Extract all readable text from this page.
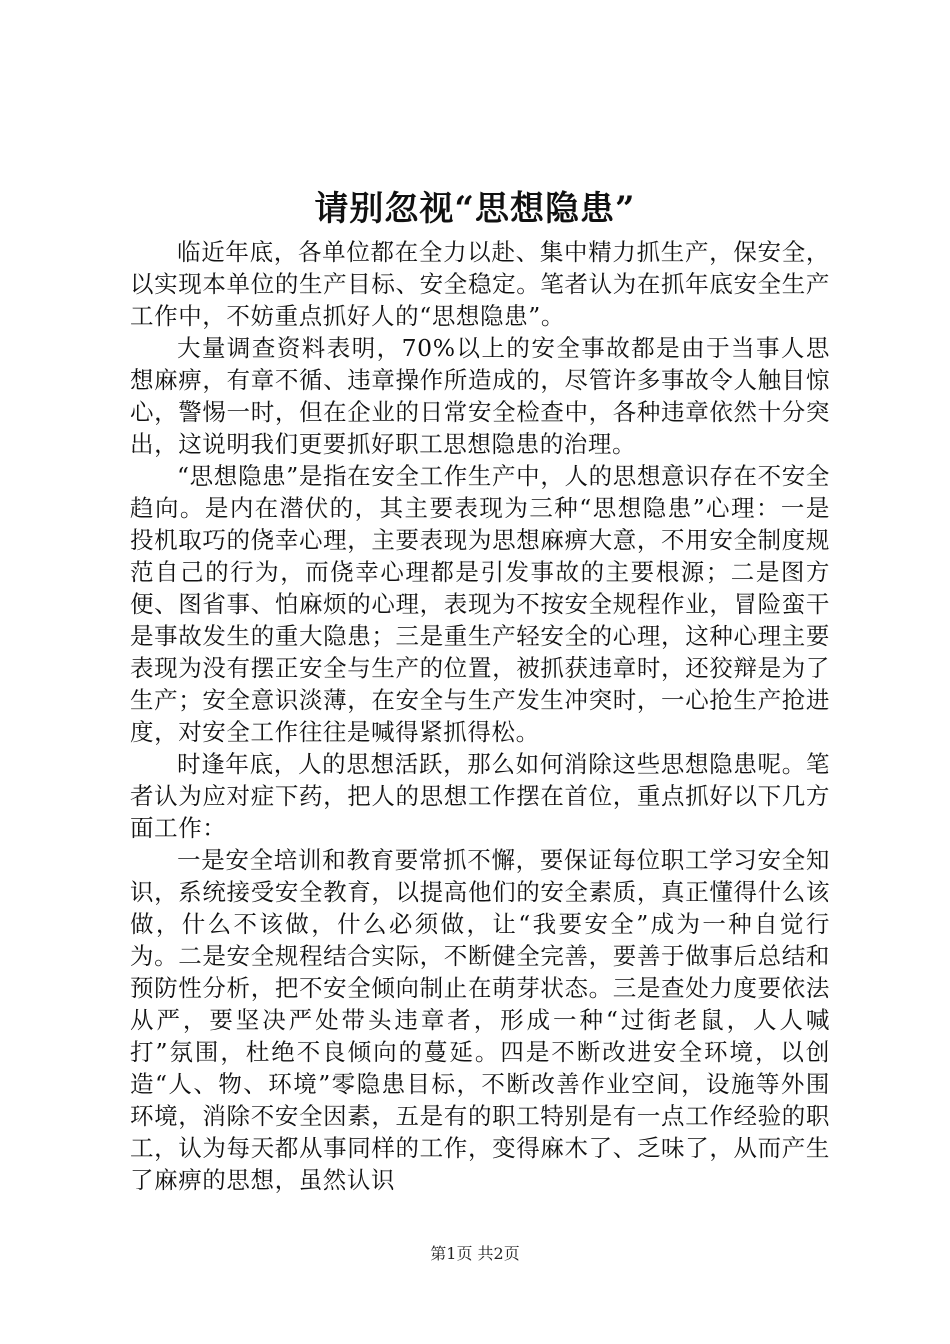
请别忽视“思想隐患”

临近年底，各单位都在全力以赴、集中精力抓生产，保安全，以实现本单位的生产目标、安全稳定。笔者认为在抓年底安全生产工作中，不妨重点抓好人的“思想隐患”。

大量调查资料表明，70%以上的安全事故都是由于当事人思想麻痹，有章不循、违章操作所造成的，尽管许多事故令人触目惊心，警惕一时，但在企业的日常安全检查中，各种违章依然十分突出，这说明我们更要抓好职工思想隐患的治理。

“思想隐患”是指在安全工作生产中，人的思想意识存在不安全趋向。是内在潜伏的，其主要表现为三种“思想隐患”心理：一是投机取巧的侥幸心理，主要表现为思想麻痹大意，不用安全制度规范自己的行为，而侥幸心理都是引发事故的主要根源；二是图方便、图省事、怕麻烦的心理，表现为不按安全规程作业，冒险蛮干是事故发生的重大隐患；三是重生产轻安全的心理，这种心理主要表现为没有摆正安全与生产的位置，被抓获违章时，还狡辩是为了生产；安全意识淡薄，在安全与生产发生冲突时，一心抢生产抢进度，对安全工作往往是喊得紧抓得松。

时逢年底，人的思想活跃，那么如何消除这些思想隐患呢。笔者认为应对症下药，把人的思想工作摆在首位，重点抓好以下几方面工作：

一是安全培训和教育要常抓不懈，要保证每位职工学习安全知识，系统接受安全教育，以提高他们的安全素质，真正懂得什么该做，什么不该做，什么必须做，让“我要安全”成为一种自觉行为。二是安全规程结合实际，不断健全完善，要善于做事后总结和预防性分析，把不安全倾向制止在萌芽状态。三是查处力度要依法从严，要坚决严处带头违章者，形成一种“过街老鼠，人人喊打”氛围，杜绝不良倾向的蔓延。四是不断改进安全环境，以创造“人、物、环境”零隐患目标，不断改善作业空间，设施等外围环境，消除不安全因素，五是有的职工特别是有一点工作经验的职工，认为每天都从事同样的工作，变得麻木了、乏味了，从而产生了麻痹的思想，虽然认识

第1页 共2页
